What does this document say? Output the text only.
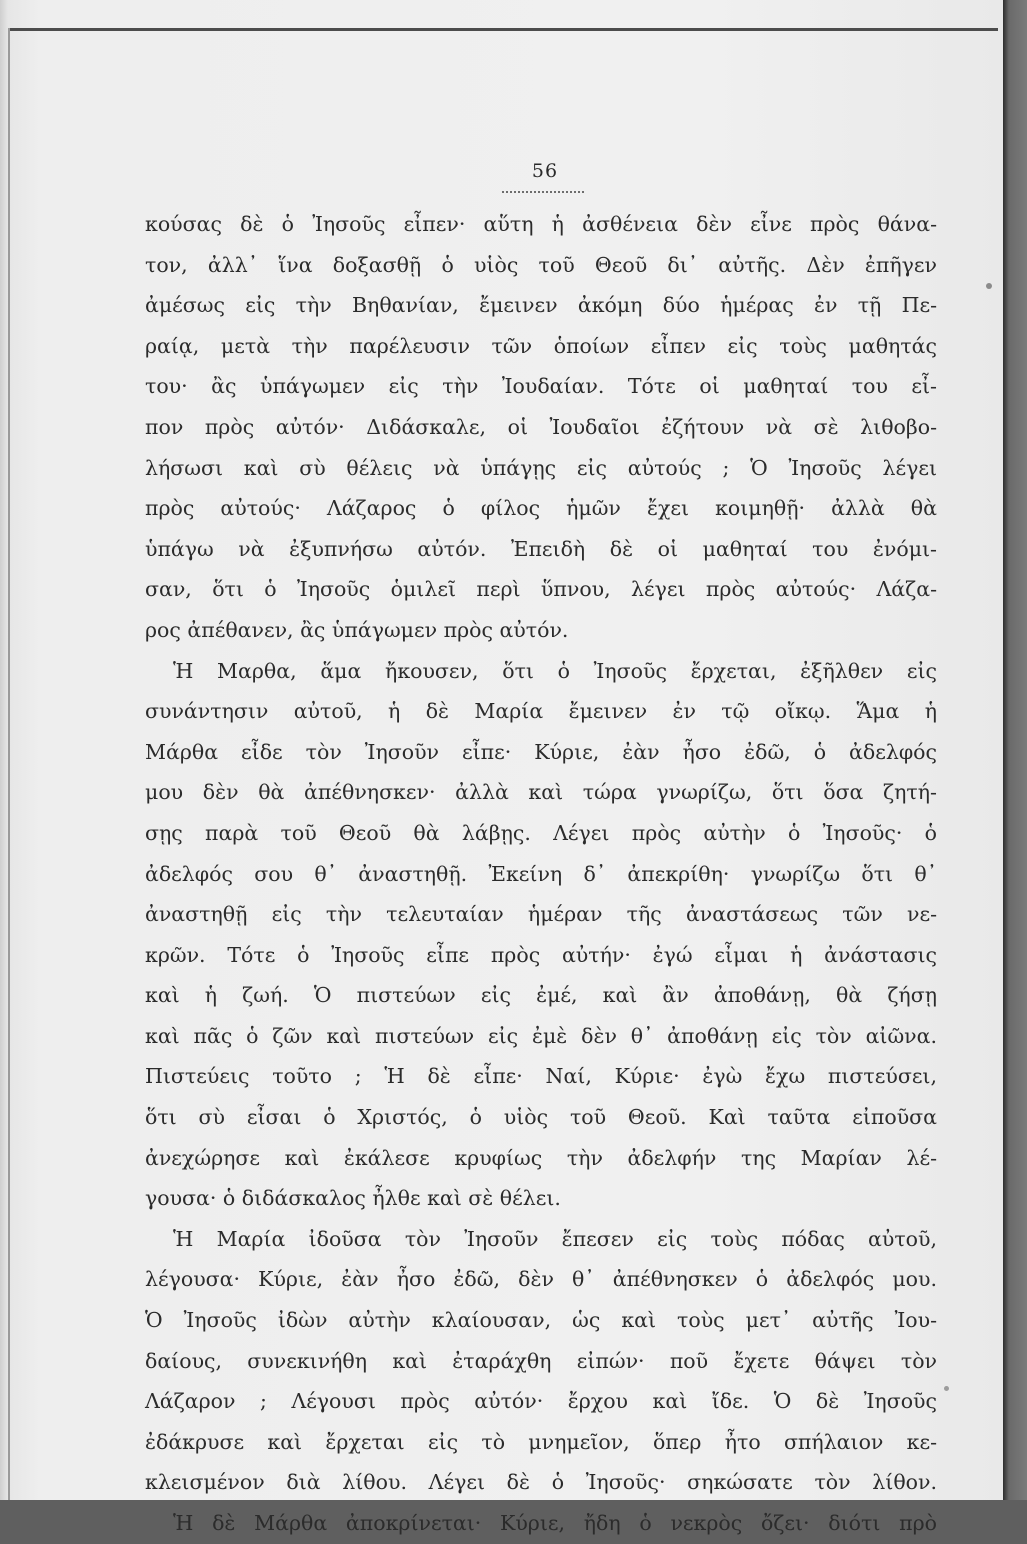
56
κούσας δὲ ὁ Ἰησοῦς εἶπεν· αὕτη ἡ ἀσθένεια δὲν εἶνε πρὸς θάνα-
τον, ἀλλ᾽ ἵνα δοξασθῇ ὁ υἱὸς τοῦ Θεοῦ δι᾽ αὐτῆς. Δὲν ἐπῆγεν
ἀμέσως εἰς τὴν Βηθανίαν, ἔμεινεν ἀκόμη δύο ἡμέρας ἐν τῇ Πε-
ραίᾳ, μετὰ τὴν παρέλευσιν τῶν ὁποίων εἶπεν εἰς τοὺς μαθητάς
του· ἂς ὑπάγωμεν εἰς τὴν Ἰουδαίαν. Τότε οἱ μαθηταί του εἶ-
πον πρὸς αὐτόν· Διδάσκαλε, οἱ Ἰουδαῖοι ἐζήτουν νὰ σὲ λιθοβο-
λήσωσι καὶ σὺ θέλεις νὰ ὑπάγῃς εἰς αὐτούς ; Ὁ Ἰησοῦς λέγει
πρὸς αὐτούς· Λάζαρος ὁ φίλος ἡμῶν ἔχει κοιμηθῇ· ἀλλὰ θὰ
ὑπάγω νὰ ἐξυπνήσω αὐτόν. Ἐπειδὴ δὲ οἱ μαθηταί του ἐνόμι-
σαν, ὅτι ὁ Ἰησοῦς ὁμιλεῖ περὶ ὕπνου, λέγει πρὸς αὐτούς· Λάζα-
ρος ἀπέθανεν, ἂς ὑπάγωμεν πρὸς αὐτόν.
Ἡ Μαρθα, ἅμα ἤκουσεν, ὅτι ὁ Ἰησοῦς ἔρχεται, ἐξῆλθεν εἰς
συνάντησιν αὐτοῦ, ἡ δὲ Μαρία ἔμεινεν ἐν τῷ οἴκῳ. Ἅμα ἡ
Μάρθα εἶδε τὸν Ἰησοῦν εἶπε· Κύριε, ἐὰν ἦσο ἐδῶ, ὁ ἀδελφός
μου δὲν θὰ ἀπέθνησκεν· ἀλλὰ καὶ τώρα γνωρίζω, ὅτι ὅσα ζητή-
σῃς παρὰ τοῦ Θεοῦ θὰ λάβῃς. Λέγει πρὸς αὐτὴν ὁ Ἰησοῦς· ὁ
ἀδελφός σου θ᾽ ἀναστηθῇ. Ἐκείνη δ᾽ ἀπεκρίθη· γνωρίζω ὅτι θ᾽
ἀναστηθῇ εἰς τὴν τελευταίαν ἡμέραν τῆς ἀναστάσεως τῶν νε-
κρῶν. Τότε ὁ Ἰησοῦς εἶπε πρὸς αὐτήν· ἐγώ εἶμαι ἡ ἀνάστασις
καὶ ἡ ζωή. Ὁ πιστεύων εἰς ἐμέ, καὶ ἂν ἀποθάνῃ, θὰ ζήσῃ
καὶ πᾶς ὁ ζῶν καὶ πιστεύων εἰς ἐμὲ δὲν θ᾽ ἀποθάνῃ εἰς τὸν αἰῶνα.
Πιστεύεις τοῦτο ; Ἡ δὲ εἶπε· Ναί, Κύριε· ἐγὼ ἔχω πιστεύσει,
ὅτι σὺ εἶσαι ὁ Χριστός, ὁ υἱὸς τοῦ Θεοῦ. Καὶ ταῦτα εἰποῦσα
ἀνεχώρησε καὶ ἐκάλεσε κρυφίως τὴν ἀδελφήν της Μαρίαν λέ-
γουσα· ὁ διδάσκαλος ἦλθε καὶ σὲ θέλει.
Ἡ Μαρία ἰδοῦσα τὸν Ἰησοῦν ἔπεσεν εἰς τοὺς πόδας αὐτοῦ,
λέγουσα· Κύριε, ἐὰν ἦσο ἐδῶ, δὲν θ᾽ ἀπέθνησκεν ὁ ἀδελφός μου.
Ὁ Ἰησοῦς ἰδὼν αὐτὴν κλαίουσαν, ὡς καὶ τοὺς μετ᾽ αὐτῆς Ἰου-
δαίους, συνεκινήθη καὶ ἐταράχθη εἰπών· ποῦ ἔχετε θάψει τὸν
Λάζαρον ; Λέγουσι πρὸς αὐτόν· ἔρχου καὶ ἴδε. Ὁ δὲ Ἰησοῦς
ἐδάκρυσε καὶ ἔρχεται εἰς τὸ μνημεῖον, ὅπερ ἦτο σπήλαιον κε-
κλεισμένον διὰ λίθου. Λέγει δὲ ὁ Ἰησοῦς· σηκώσατε τὸν λίθον.
Ἡ δὲ Μάρθα ἀποκρίνεται· Κύριε, ἤδη ὁ νεκρὸς ὄζει· διότι πρὸ
